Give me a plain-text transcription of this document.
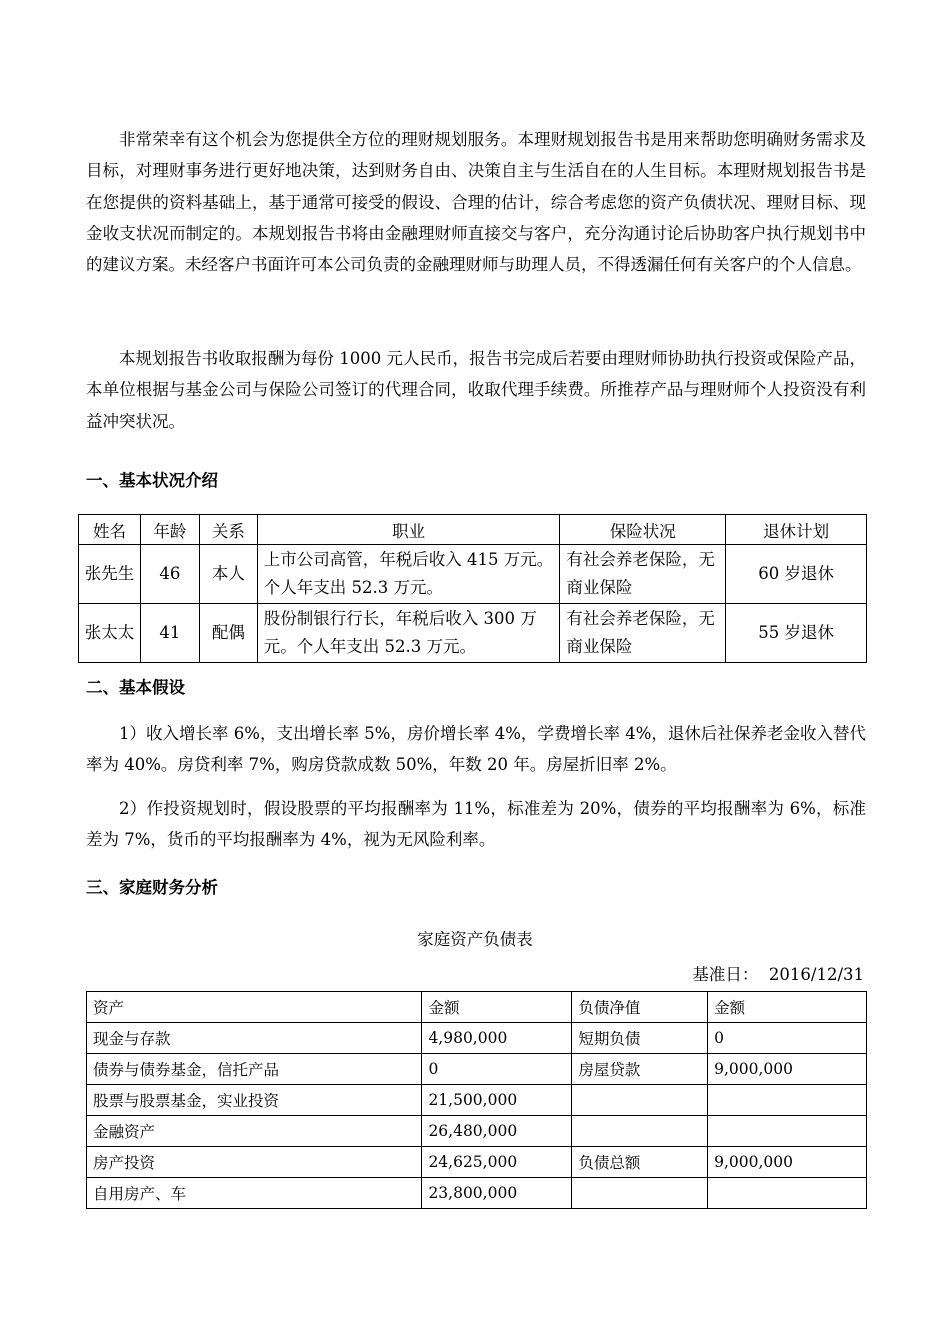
非常荣幸有这个机会为您提供全方位的理财规划服务。本理财规划报告书是用来帮助您明确财务需求及目标，对理财事务进行更好地决策，达到财务自由、决策自主与生活自在的人生目标。本理财规划报告书是在您提供的资料基础上，基于通常可接受的假设、合理的估计，综合考虑您的资产负债状况、理财目标、现金收支状况而制定的。本规划报告书将由金融理财师直接交与客户，充分沟通讨论后协助客户执行规划书中的建议方案。未经客户书面许可本公司负责的金融理财师与助理人员，不得透漏任何有关客户的个人信息。

本规划报告书收取报酬为每份 1000 元人民币，报告书完成后若要由理财师协助执行投资或保险产品，本单位根据与基金公司与保险公司签订的代理合同，收取代理手续费。所推荐产品与理财师个人投资没有利益冲突状况。

一、基本状况介绍
姓名	年龄	关系	职业	保险状况	退休计划
张先生	46	本人	上市公司高管，年税后收入 415 万元。个人年支出 52.3 万元。	有社会养老保险，无商业保险	60 岁退休
张太太	41	配偶	股份制银行行长，年税后收入 300 万元。个人年支出 52.3 万元。	有社会养老保险，无商业保险	55 岁退休
二、基本假设

1）收入增长率 6%，支出增长率 5%，房价增长率 4%，学费增长率 4%，退休后社保养老金收入替代率为 40%。房贷利率 7%，购房贷款成数 50%，年数 20 年。房屋折旧率 2%。

2）作投资规划时，假设股票的平均报酬率为 11%，标准差为 20%，债券的平均报酬率为 6%，标准差为 7%，货币的平均报酬率为 4%，视为无风险利率。

三、家庭财务分析

家庭资产负债表

基准日：  2016/12/31

资产	金额	负债净值	金额
现金与存款	4,980,000	短期负债	0
债券与债券基金，信托产品	0	房屋贷款	9,000,000
股票与股票基金，实业投资	21,500,000		
金融资产	26,480,000		
房产投资	24,625,000	负债总额	9,000,000
自用房产、车	23,800,000		
